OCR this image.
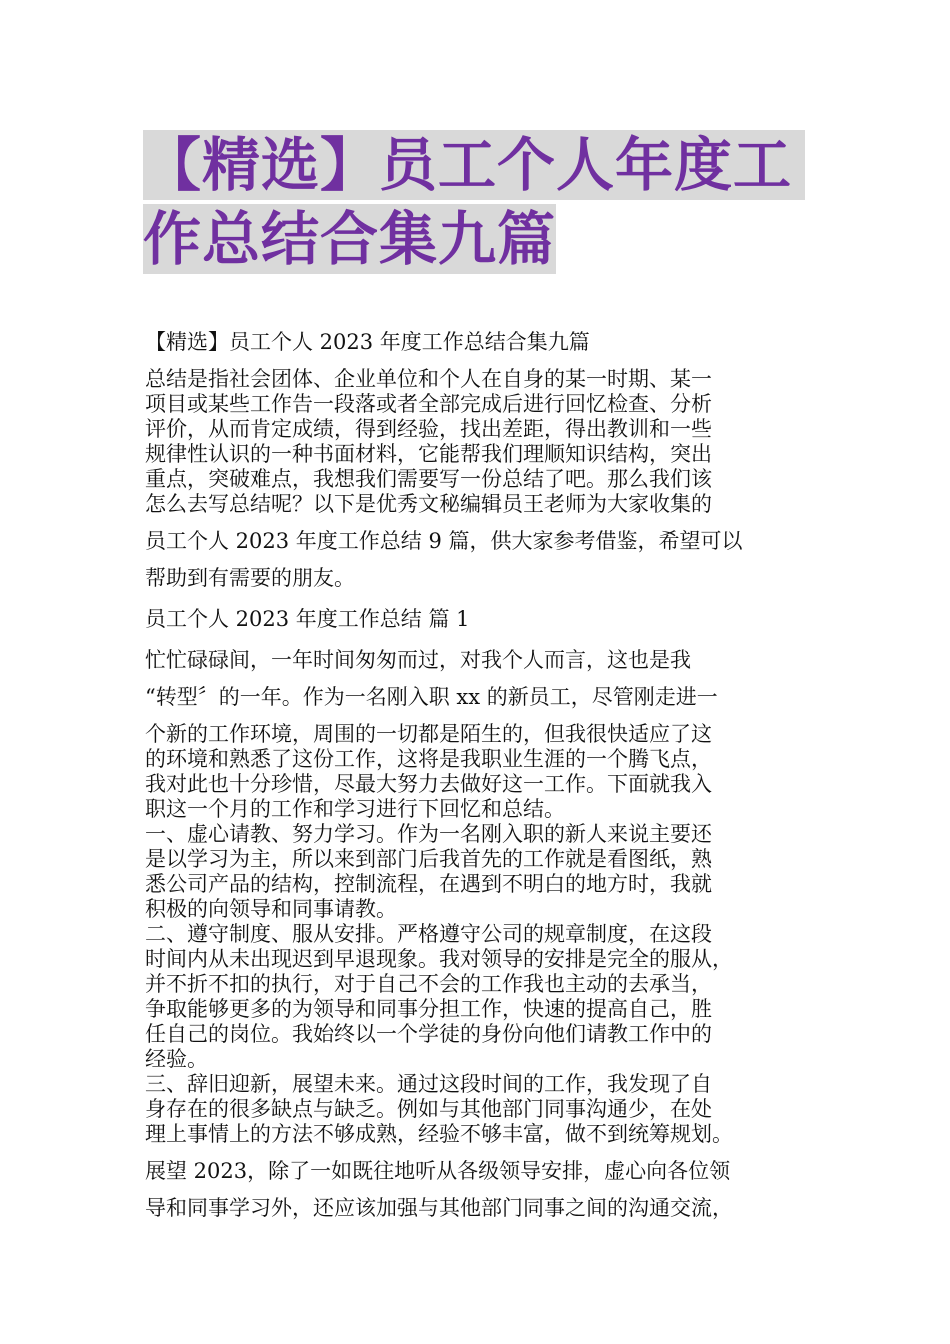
【精选】员工个人年度工
作总结合集九篇
【精选】员工个人 2023 年度工作总结合集九篇
总结是指社会团体、企业单位和个人在自身的某一时期、某一
项目或某些工作告一段落或者全部完成后进行回忆检查、分析
评价，从而肯定成绩，得到经验，找出差距，得出教训和一些
规律性认识的一种书面材料，它能帮我们理顺知识结构，突出
重点，突破难点，我想我们需要写一份总结了吧。那么我们该
怎么去写总结呢？以下是优秀文秘编辑员王老师为大家收集的
员工个人 2023 年度工作总结 9 篇，供大家参考借鉴，希望可以
帮助到有需要的朋友。
员工个人 2023 年度工作总结 篇 1
忙忙碌碌间，一年时间匆匆而过，对我个人而言，这也是我
“转型〞的一年。作为一名刚入职 xx 的新员工，尽管刚走进一
个新的工作环境，周围的一切都是陌生的，但我很快适应了这
的环境和熟悉了这份工作，这将是我职业生涯的一个腾飞点，
我对此也十分珍惜，尽最大努力去做好这一工作。下面就我入
职这一个月的工作和学习进行下回忆和总结。
一、虚心请教、努力学习。作为一名刚入职的新人来说主要还
是以学习为主，所以来到部门后我首先的工作就是看图纸，熟
悉公司产品的结构，控制流程，在遇到不明白的地方时，我就
积极的向领导和同事请教。
二、遵守制度、服从安排。严格遵守公司的规章制度，在这段
时间内从未出现迟到早退现象。我对领导的安排是完全的服从，
并不折不扣的执行，对于自己不会的工作我也主动的去承当，
争取能够更多的为领导和同事分担工作，快速的提高自己，胜
任自己的岗位。我始终以一个学徒的身份向他们请教工作中的
经验。
三、辞旧迎新，展望未来。通过这段时间的工作，我发现了自
身存在的很多缺点与缺乏。例如与其他部门同事沟通少，在处
理上事情上的方法不够成熟，经验不够丰富，做不到统筹规划。
展望 2023，除了一如既往地听从各级领导安排，虚心向各位领
导和同事学习外，还应该加强与其他部门同事之间的沟通交流，
